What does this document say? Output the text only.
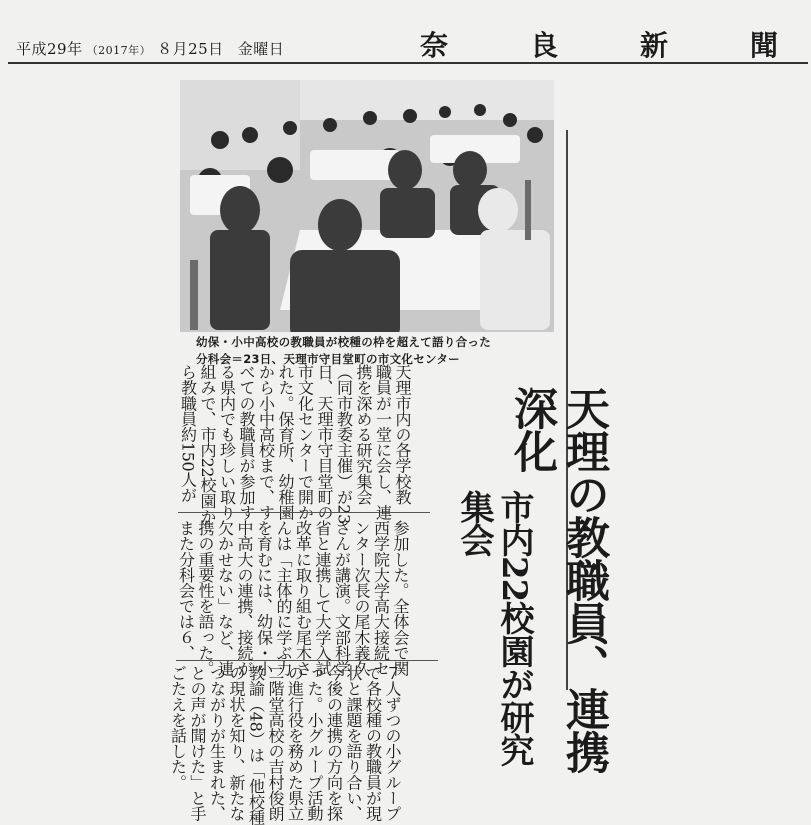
平成29年 （2017年） ８月25日 金曜日	奈	良	新	聞
幼保・小中高校の教職員が校種の枠を超えて語り合った
分科会＝23日、天理市守目堂町の市文化センター
天理の教職員、連携深化
市内22校園が研究集会
天理市内の各学校教
職員が一堂に会し、連
携を深める研究集会
（同市教委主催）が23
日、天理市守目堂町の
市文化センターで開か
れた。保育所、幼稚園
から小中高校まで、す
べての教職員が参加す
る県内でも珍しい取り
組みで、市内22校園か
ら教職員約150人が
参加した。全体会で関
西学院大学高大接続セ
ンター次長の尾木義久
さんが講演。文部科学
省と連携して大学入試
改革に取り組む尾木さ
んは「主体的に学ぶ力
を育むには、幼保・小
中高大の連携、接続が
欠かせない」など、連
携の重要性を語った。
また分科会では６、
７人ずつの小グループ
で各校種の教職員が現
状と課題を語り合い、
今後の連携の方向を探
った。小グループ活動
の進行役を務めた県立
二階堂高校の吉村俊朗
教諭（48）は「他校種
の現状を知り、新たな
つながりが生まれた、
との声が聞けた」と手
ごたえを話した。
